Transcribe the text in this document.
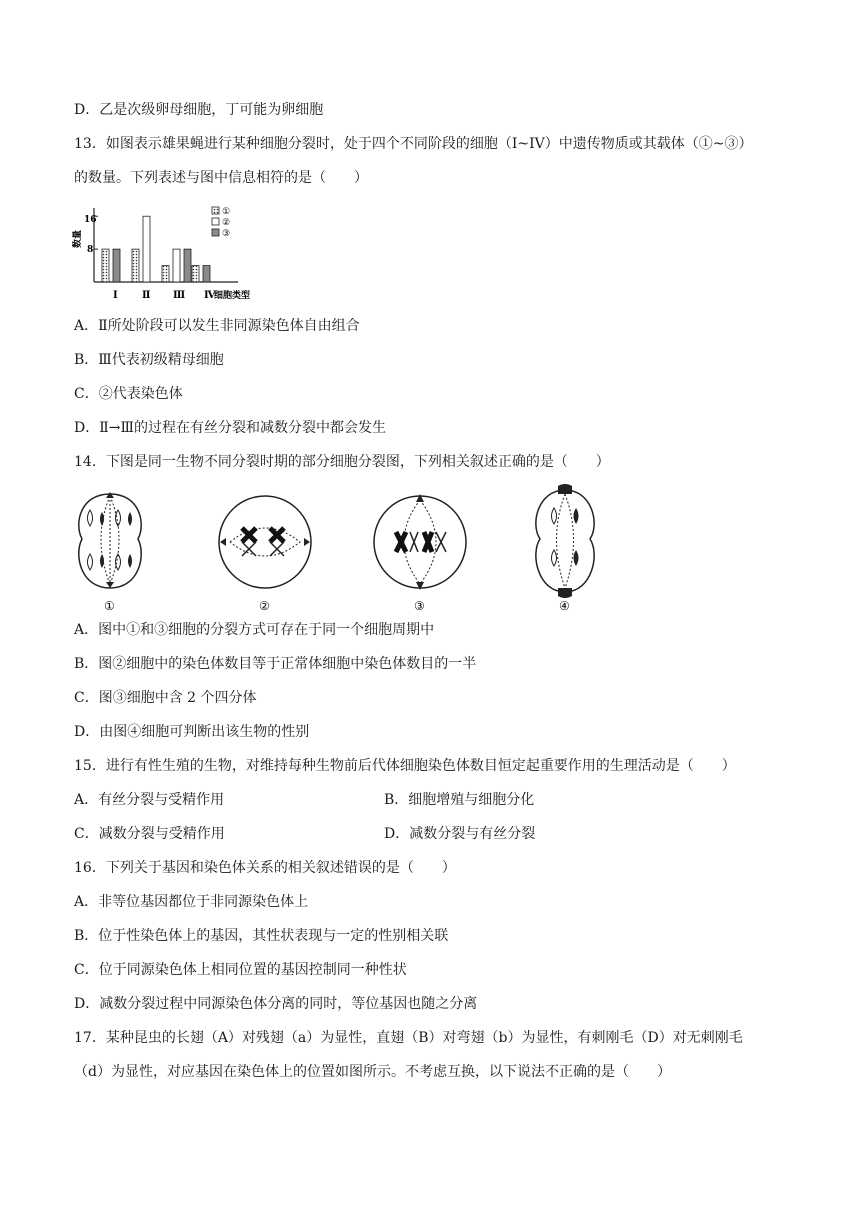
D．乙是次级卵母细胞，丁可能为卵细胞
13．如图表示雄果蝇进行某种细胞分裂时，处于四个不同阶段的细胞（I~IV）中遗传物质或其载体（①~③）
的数量。下列表述与图中信息相符的是（　　）
数量
16
8
Ⅰ Ⅱ Ⅲ Ⅳ
细胞类型
①
②
③
A．Ⅱ所处阶段可以发生非同源染色体自由组合
B．Ⅲ代表初级精母细胞
C．②代表染色体
D．Ⅱ→Ⅲ的过程在有丝分裂和减数分裂中都会发生
14．下图是同一生物不同分裂时期的部分细胞分裂图，下列相关叙述正确的是（　　）
①	②	③	④
A．图中①和③细胞的分裂方式可存在于同一个细胞周期中
B．图②细胞中的染色体数目等于正常体细胞中染色体数目的一半
C．图③细胞中含 2 个四分体
D．由图④细胞可判断出该生物的性别
15．进行有性生殖的生物，对维持每种生物前后代体细胞染色体数目恒定起重要作用的生理活动是（　　）
A．有丝分裂与受精作用	B．细胞增殖与细胞分化
C．减数分裂与受精作用	D．减数分裂与有丝分裂
16．下列关于基因和染色体关系的相关叙述错误的是（　　）
A．非等位基因都位于非同源染色体上
B．位于性染色体上的基因，其性状表现与一定的性别相关联
C．位于同源染色体上相同位置的基因控制同一种性状
D．减数分裂过程中同源染色体分离的同时，等位基因也随之分离
17．某种昆虫的长翅（A）对残翅（a）为显性，直翅（B）对弯翅（b）为显性，有刺刚毛（D）对无刺刚毛
（d）为显性，对应基因在染色体上的位置如图所示。不考虑互换，以下说法不正确的是（　　）
